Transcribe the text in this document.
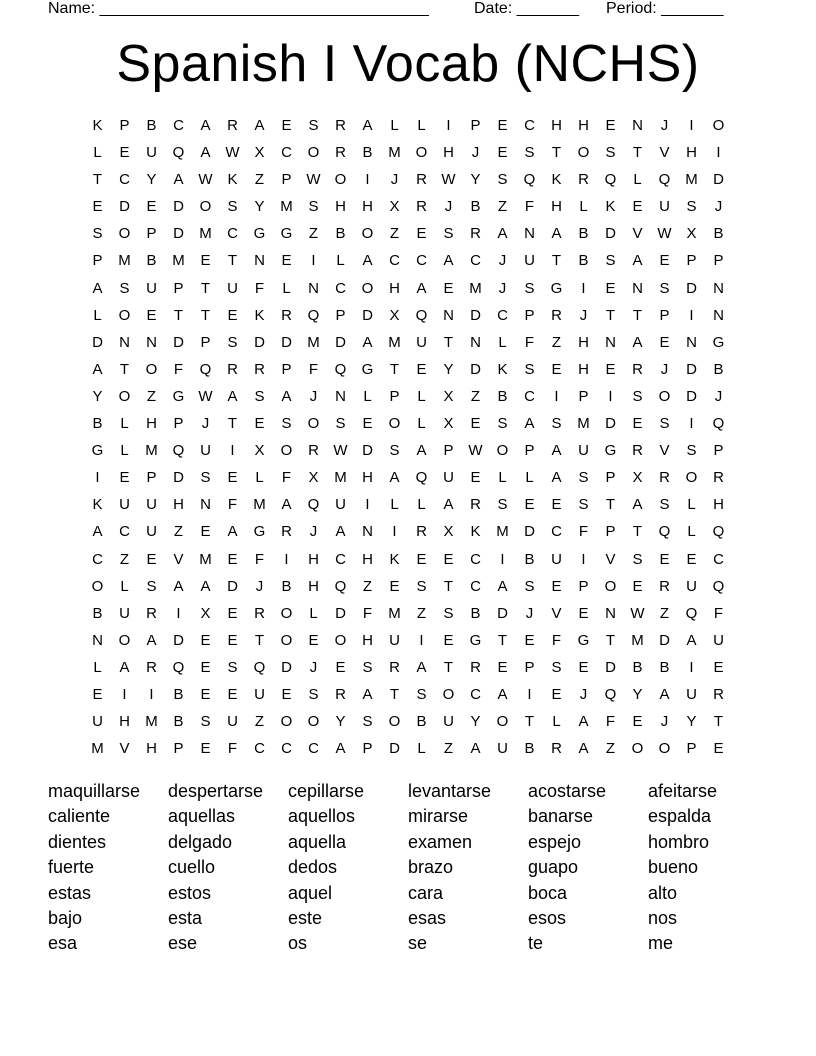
Name: _____________________________________	Date: _______ Period: _______
Spanish I Vocab (NCHS)
K	P	B	C	A	R	A	E	S	R	A	L	L	I	P	E	C	H	H	E	N	J	I	O
L	E	U	Q	A W X	C	O	R	B	M O	H	J	E	S	T	O	S	T	V	H	I
T	C	Y	A W K	Z	P W O	I	J	R W Y	S	Q	K	R	Q	L	Q M	D
E	D	E	D	O	S	Y	M	S	H	H	X	R	J	B	Z	F	H	L	K	E	U	S	J
S	O	P	D	M	C	G	G	Z	B	O	Z	E	S	R	A	N	A	B	D	V W X	B
P	M	B	M	E	T	N	E	I	L	A	C	C	A	C	J	U	T	B	S	A	E	P	P
A	S	U	P	T	U	F	L	N	C	O	H	A	E	M	J	S	G	I	E	N	S	D	N
L	O	E	T	T	E	K	R	Q	P	D	X	Q	N	D	C	P	R	J	T	T	P	I	N
D	N	N	D	P	S	D	D	M	D	A	M	U	T	N	L	F	Z	H	N	A	E	N	G
A	T	O	F	Q	R	R	P	F	Q	G	T	E	Y	D	K	S	E	H	E	R	J	D	B
Y	O	Z	G W A	S	A	J	N	L	P	L	X	Z	B	C	I	P	I	S	O	D	J
B	L	H	P	J	T	E	S	O	S	E	O	L	X	E	S	A	S	M	D	E	S	I	Q
G	L	M Q	U	I	X	O	R W D	S	A	P W O	P	A	U	G	R	V	S	P
I	E	P	D	S	E	L	F	X	M	H	A	Q	U	E	L	L	A	S	P	X	R	O	R
K	U	U	H	N	F	M	A	Q	U	I	L	L	A	R	S	E	E	S	T	A	S	L	H
A	C	U	Z	E	A	G	R	J	A	N	I	R	X	K	M	D	C	F	P	T	Q	L	Q
C	Z	E	V	M	E	F	I	H	C	H	K	E	E	C	I	B	U	I	V	S	E	E	C
O	L	S	A	A	D	J	B	H	Q	Z	E	S	T	C	A	S	E	P	O	E	R	U	Q
B	U	R	I	X	E	R	O	L	D	F	M	Z	S	B	D	J	V	E	N W	Z	Q	F
N	O	A	D	E	E	T	O	E	O	H	U	I	E	G	T	E	F	G	T	M	D	A	U
L	A	R	Q	E	S	Q	D	J	E	S	R	A	T	R	E	P	S	E	D	B	B	I	E
E	I	I	B	E	E	U	E	S	R	A	T	S	O	C	A	I	E	J	Q	Y	A	U	R
U	H	M	B	S	U	Z	O	O	Y	S	O	B	U	Y	O	T	L	A	F	E	J	Y	T
M	V	H	P	E	F	C	C	C	A	P	D	L	Z	A	U	B	R	A	Z	O	O	P	E
maquillarse	despertarse	cepillarse	levantarse	acostarse	afeitarse
caliente	aquellas	aquellos	mirarse	banarse	espalda
dientes	delgado	aquella	examen	espejo	hombro
fuerte	cuello	dedos	brazo	guapo	bueno
estas	estos	aquel	cara	boca	alto
bajo	esta	este	esas	esos	nos
esa	ese	os	se	te	me
